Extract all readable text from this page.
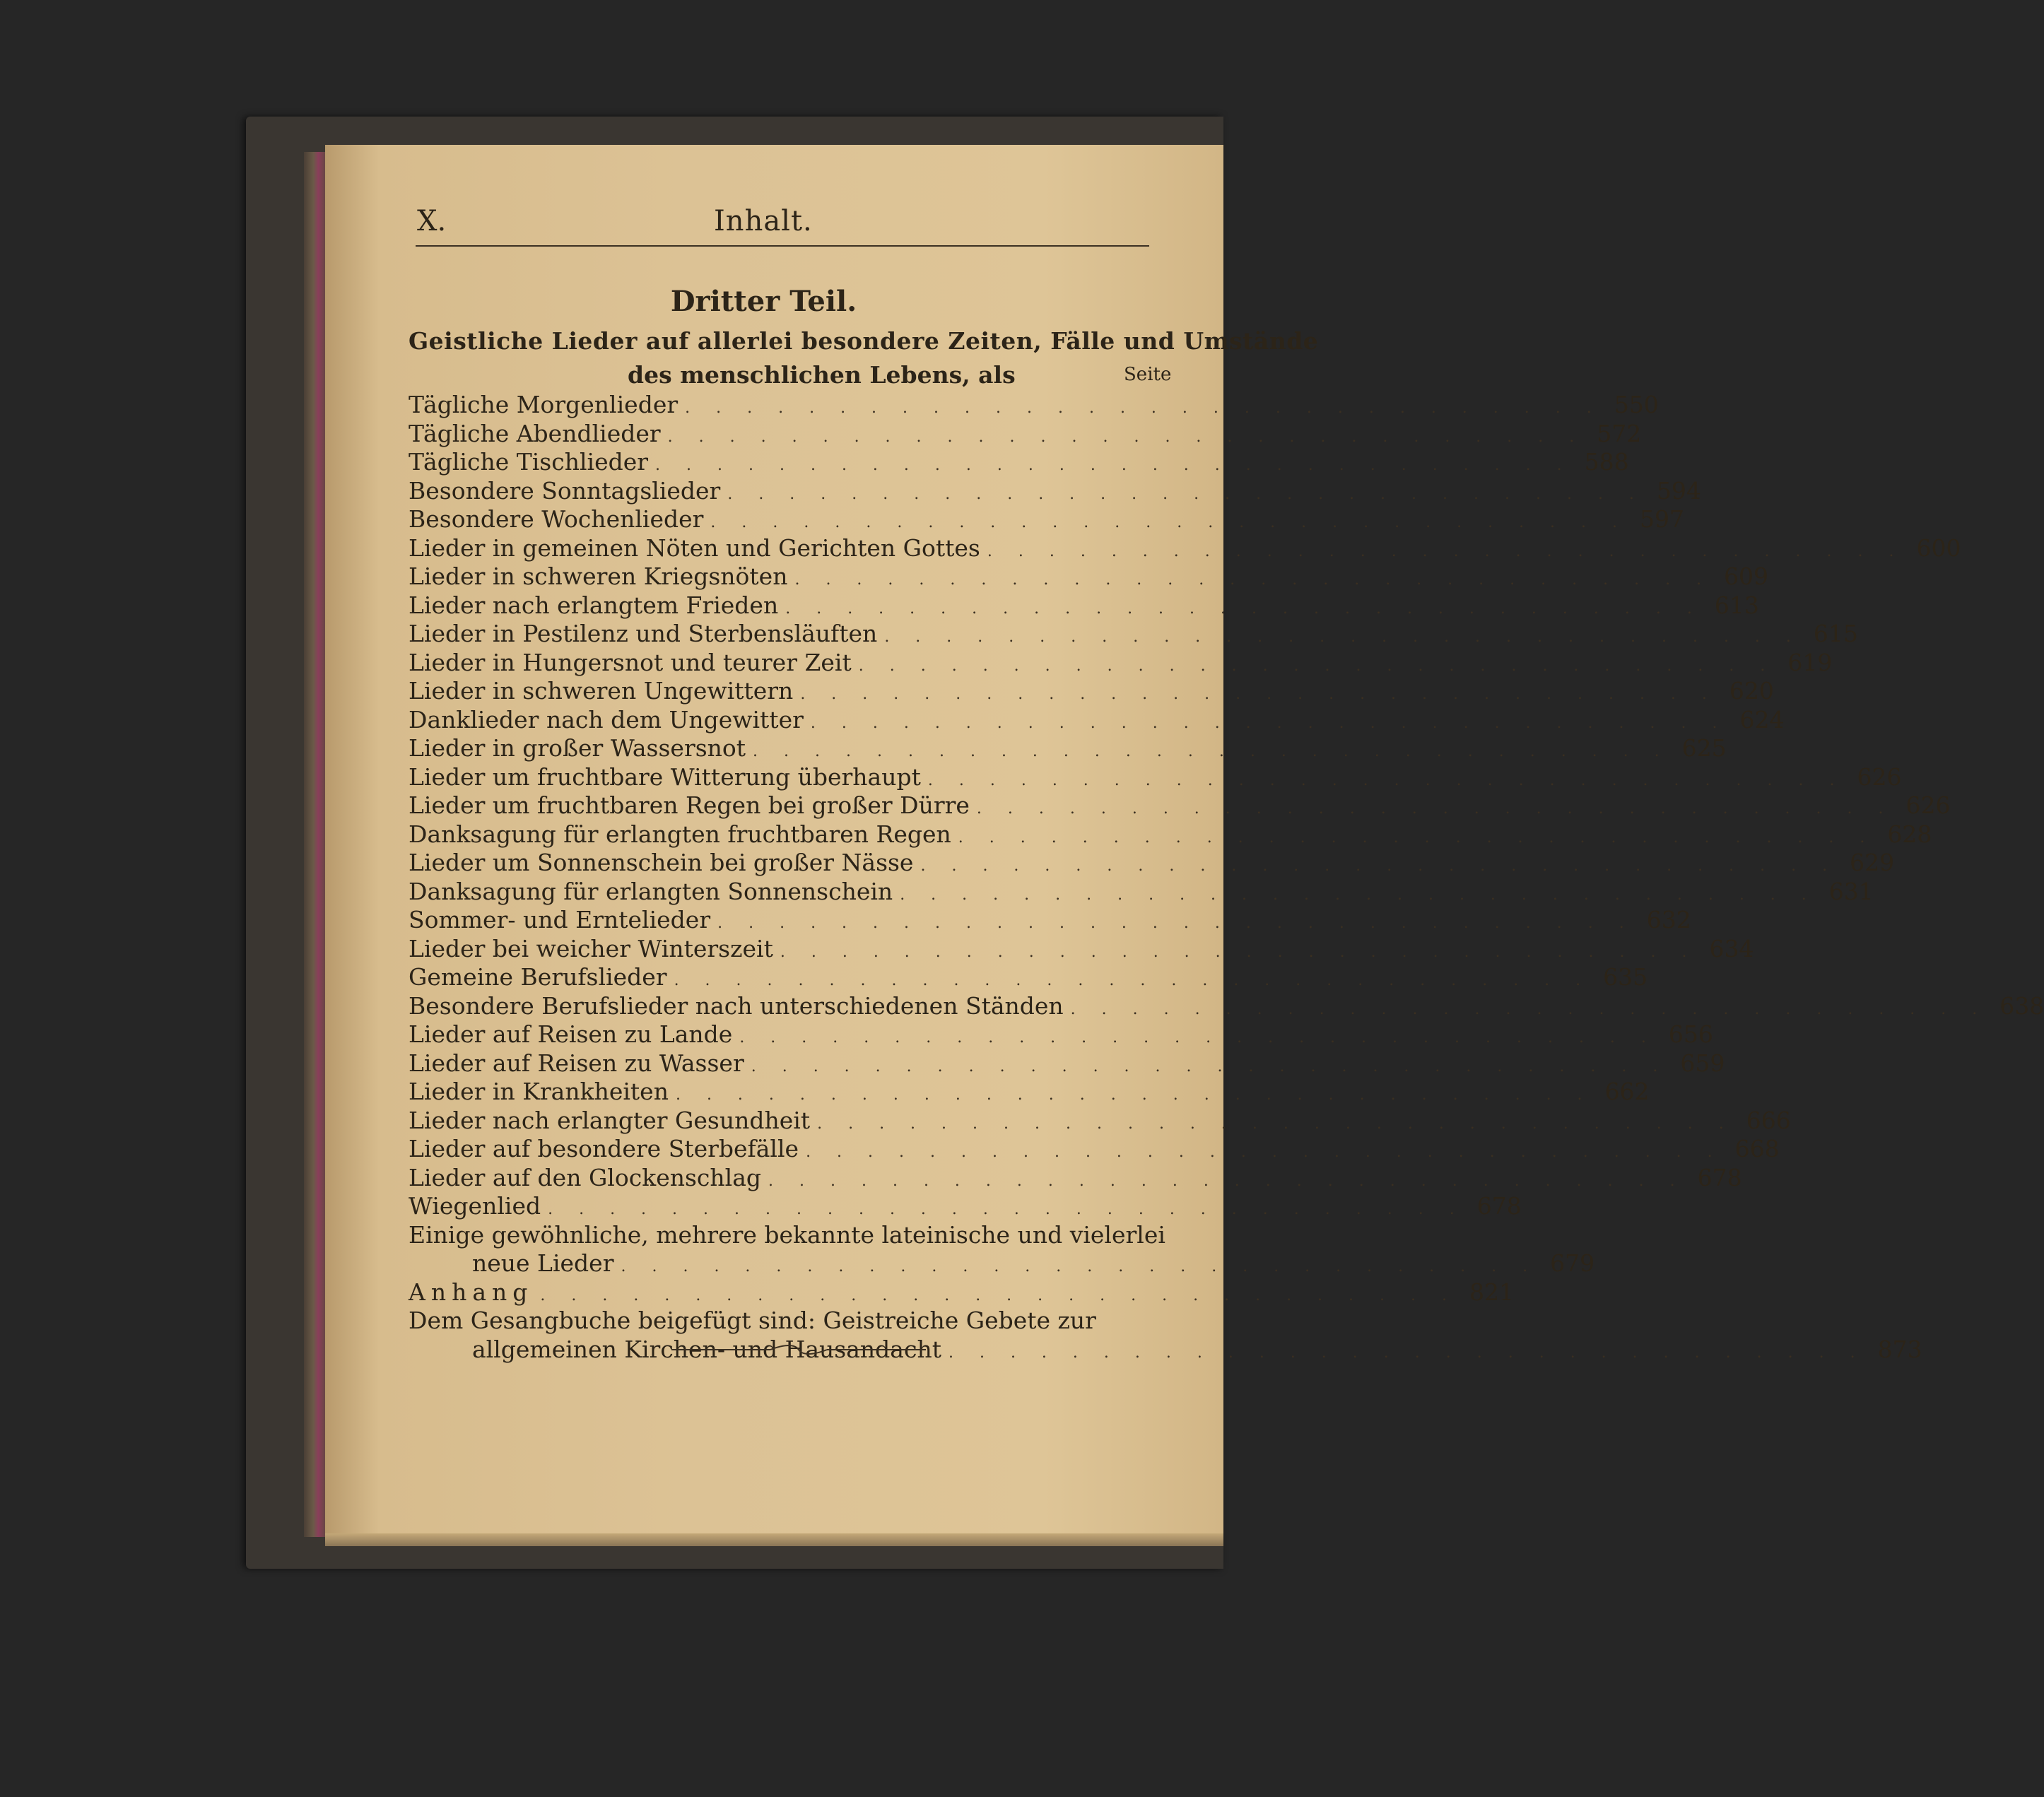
X.	Inhalt.
Dritter Teil.
Geistliche Lieder auf allerlei besondere Zeiten, Fälle und Umstände
des menschlichen Lebens, als	Seite
Tägliche Morgenlieder . . . . . . . . . . . . . . . . . . . . . . . . . . . . . . 550
Tägliche Abendlieder . . . . . . . . . . . . . . . . . . . . . . . . . . . . . . 572
Tägliche Tischlieder . . . . . . . . . . . . . . . . . . . . . . . . . . . . . . 588
Besondere Sonntagslieder . . . . . . . . . . . . . . . . . . . . . . . . . . . . . . 594
Besondere Wochenlieder . . . . . . . . . . . . . . . . . . . . . . . . . . . . . . 597
Lieder in gemeinen Nöten und Gerichten Gottes . . . . . . . . . . . . . . . . . . . . . . . . . . . . . . 600
Lieder in schweren Kriegsnöten . . . . . . . . . . . . . . . . . . . . . . . . . . . . . . 609
Lieder nach erlangtem Frieden . . . . . . . . . . . . . . . . . . . . . . . . . . . . . . 613
Lieder in Pestilenz und Sterbensläuften . . . . . . . . . . . . . . . . . . . . . . . . . . . . . . 615
Lieder in Hungersnot und teurer Zeit . . . . . . . . . . . . . . . . . . . . . . . . . . . . . . 619
Lieder in schweren Ungewittern . . . . . . . . . . . . . . . . . . . . . . . . . . . . . . 620
Danklieder nach dem Ungewitter . . . . . . . . . . . . . . . . . . . . . . . . . . . . . . 624
Lieder in großer Wassersnot . . . . . . . . . . . . . . . . . . . . . . . . . . . . . . 625
Lieder um fruchtbare Witterung überhaupt . . . . . . . . . . . . . . . . . . . . . . . . . . . . . . 626
Lieder um fruchtbaren Regen bei großer Dürre . . . . . . . . . . . . . . . . . . . . . . . . . . . . . . 626
Danksagung für erlangten fruchtbaren Regen . . . . . . . . . . . . . . . . . . . . . . . . . . . . . . 628
Lieder um Sonnenschein bei großer Nässe . . . . . . . . . . . . . . . . . . . . . . . . . . . . . . 629
Danksagung für erlangten Sonnenschein . . . . . . . . . . . . . . . . . . . . . . . . . . . . . . 631
Sommer- und Erntelieder . . . . . . . . . . . . . . . . . . . . . . . . . . . . . . 632
Lieder bei weicher Winterszeit . . . . . . . . . . . . . . . . . . . . . . . . . . . . . . 634
Gemeine Berufslieder . . . . . . . . . . . . . . . . . . . . . . . . . . . . . . 635
Besondere Berufslieder nach unterschiedenen Ständen . . . . . . . . . . . . . . . . . . . . . . . . . . . . . . 638
Lieder auf Reisen zu Lande . . . . . . . . . . . . . . . . . . . . . . . . . . . . . . 656
Lieder auf Reisen zu Wasser . . . . . . . . . . . . . . . . . . . . . . . . . . . . . . 659
Lieder in Krankheiten . . . . . . . . . . . . . . . . . . . . . . . . . . . . . . 662
Lieder nach erlangter Gesundheit . . . . . . . . . . . . . . . . . . . . . . . . . . . . . . 666
Lieder auf besondere Sterbefälle . . . . . . . . . . . . . . . . . . . . . . . . . . . . . . 668
Lieder auf den Glockenschlag . . . . . . . . . . . . . . . . . . . . . . . . . . . . . . 678
Wiegenlied . . . . . . . . . . . . . . . . . . . . . . . . . . . . . . 678
Einige gewöhnliche, mehrere bekannte lateinische und vielerlei
neue Lieder . . . . . . . . . . . . . . . . . . . . . . . . . . . . . . 679
Anhang . . . . . . . . . . . . . . . . . . . . . . . . . . . . . . 821
Dem Gesangbuche beigefügt sind: Geistreiche Gebete zur
allgemeinen Kirchen- und Hausandacht . . . . . . . . . . . . . . . . . . . . . . . . . . . . . . 873
